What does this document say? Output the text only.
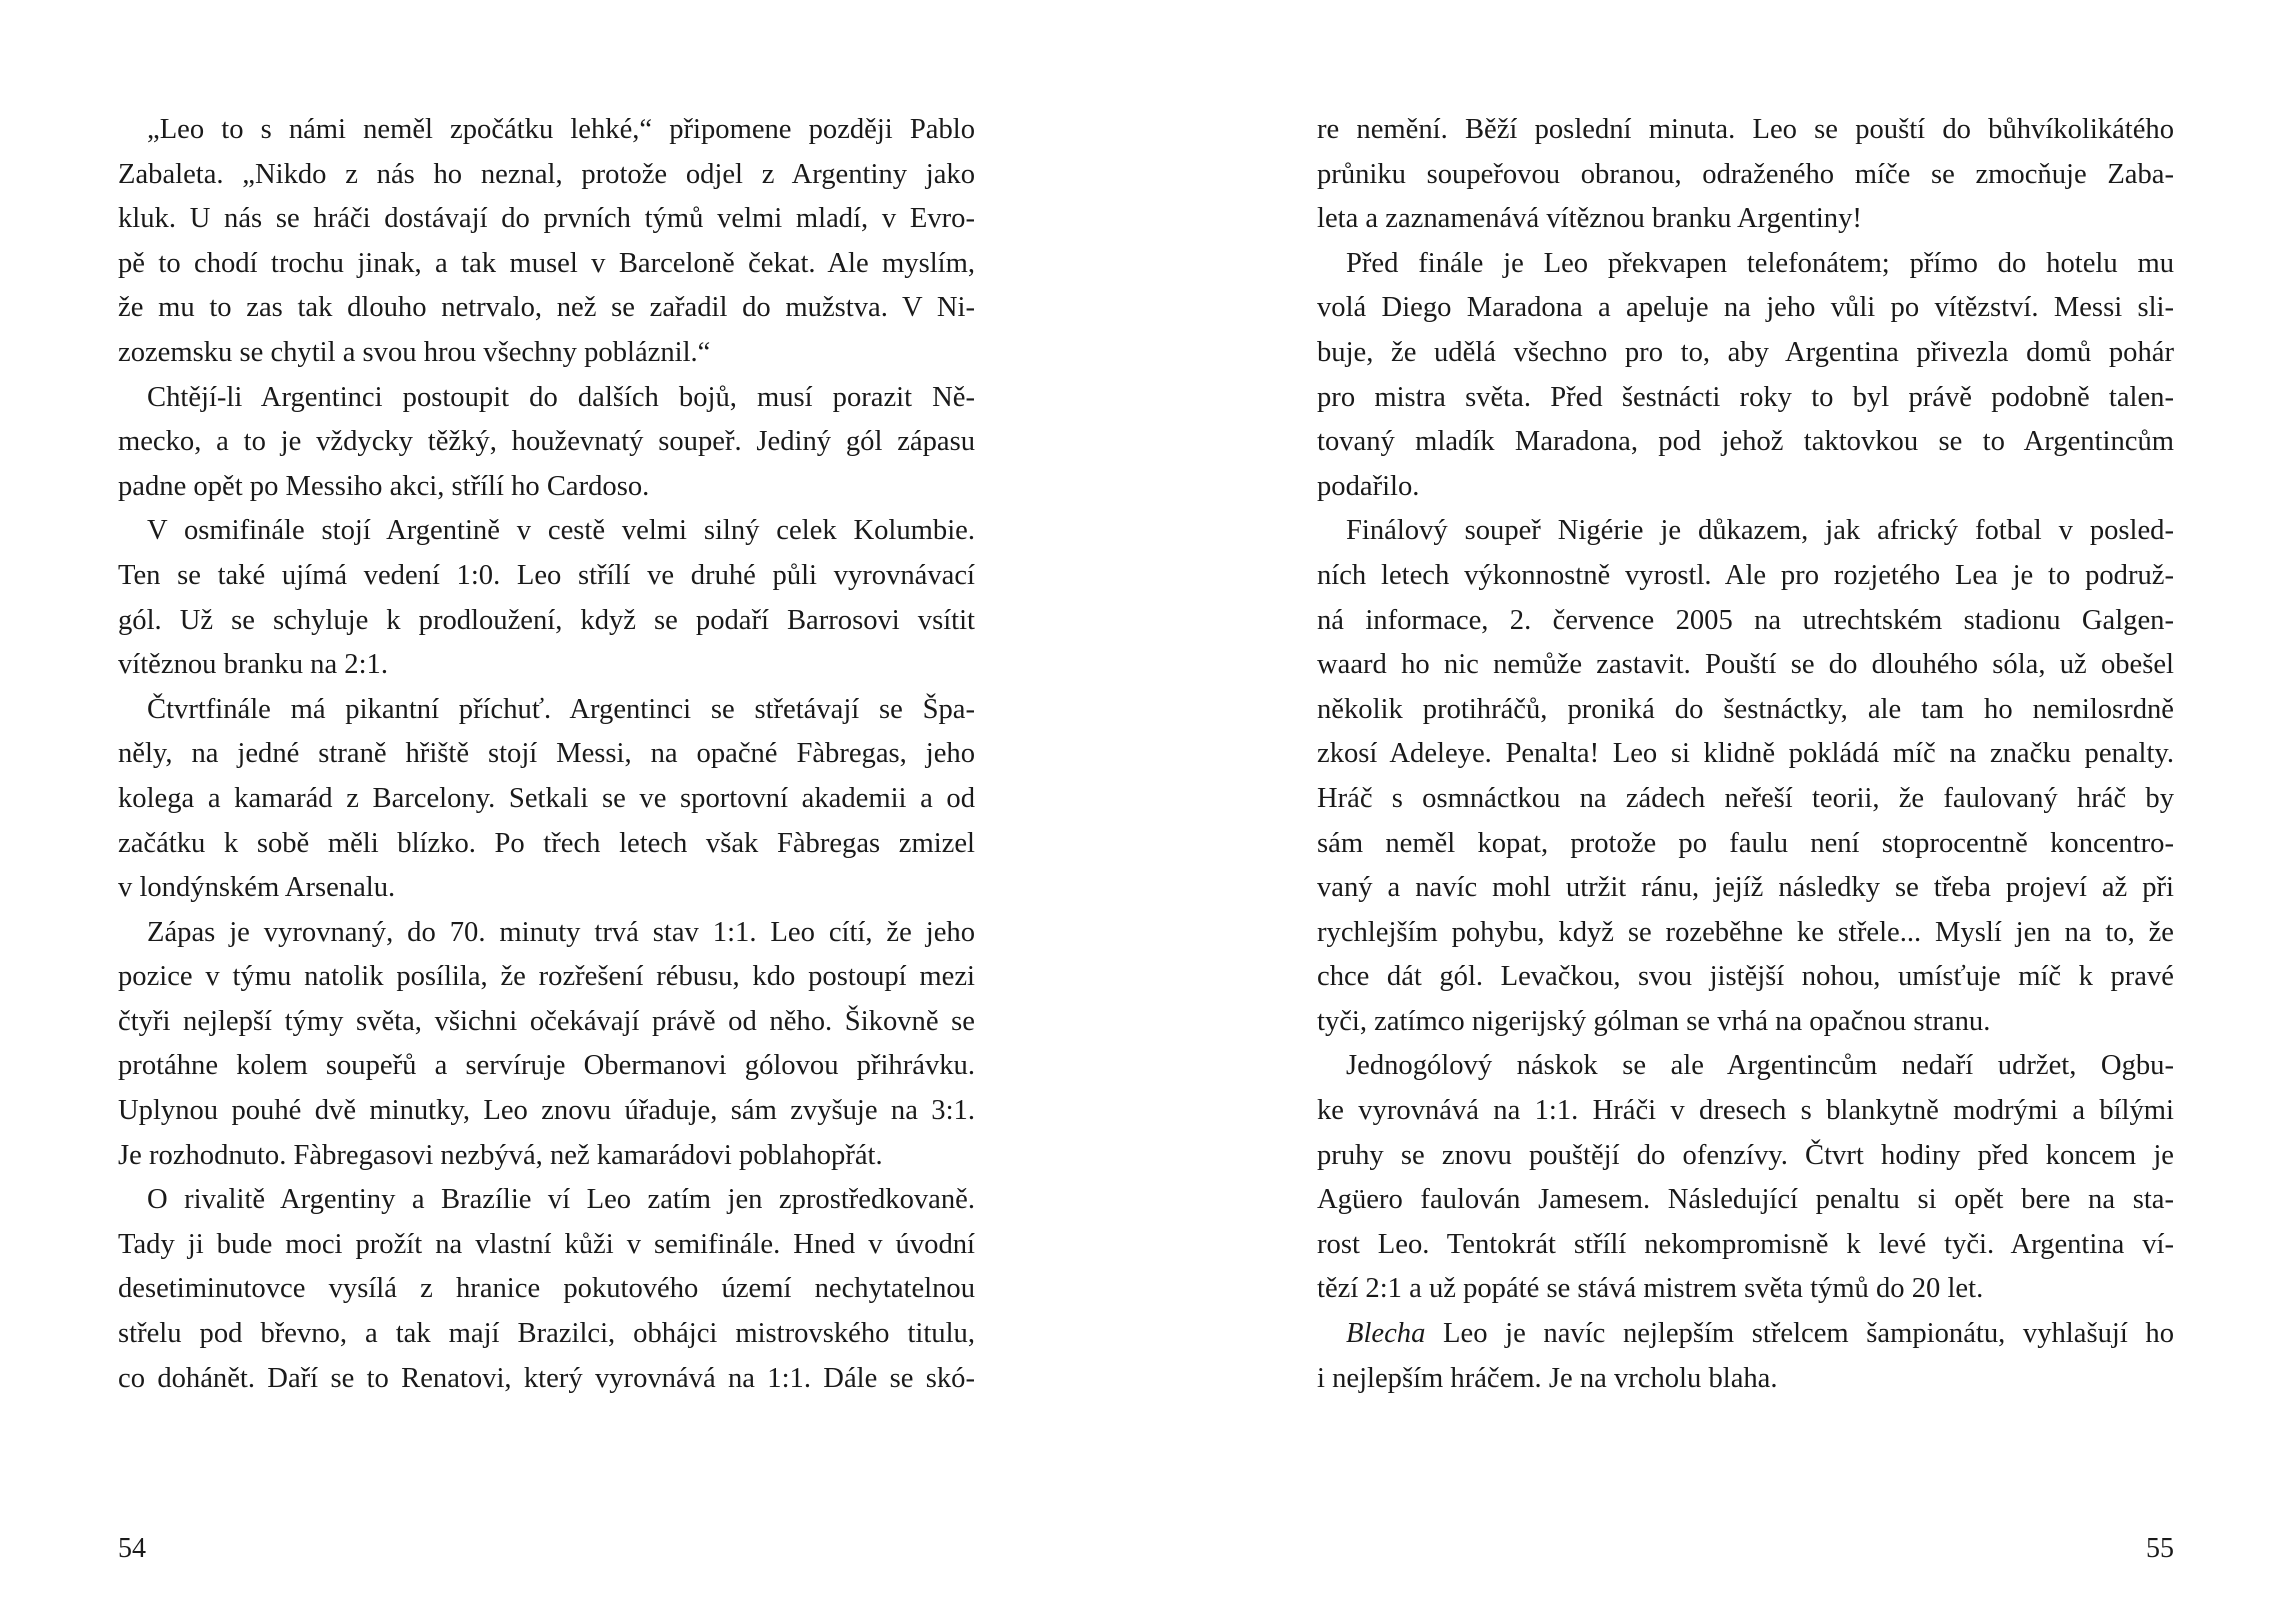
„Leo to s námi neměl zpočátku lehké,“ připomene později Pablo
Zabaleta. „Nikdo z nás ho neznal, protože odjel z Argentiny jako
kluk. U nás se hráči dostávají do prvních týmů velmi mladí, v Evro-
pě to chodí trochu jinak, a tak musel v Barceloně čekat. Ale myslím,
že mu to zas tak dlouho netrvalo, než se zařadil do mužstva. V Ni-
zozemsku se chytil a svou hrou všechny pobláznil.“
Chtějí-li Argentinci postoupit do dalších bojů, musí porazit Ně-
mecko, a to je vždycky těžký, houževnatý soupeř. Jediný gól zápasu
padne opět po Messiho akci, střílí ho Cardoso.
V osmifinále stojí Argentině v cestě velmi silný celek Kolumbie.
Ten se také ujímá vedení 1:0. Leo střílí ve druhé půli vyrovnávací
gól. Už se schyluje k prodloužení, když se podaří Barrosovi vsítit
vítěznou branku na 2:1.
Čtvrtfinále má pikantní příchuť. Argentinci se střetávají se Špa-
něly, na jedné straně hřiště stojí Messi, na opačné Fàbregas, jeho
kolega a kamarád z Barcelony. Setkali se ve sportovní akademii a od
začátku k sobě měli blízko. Po třech letech však Fàbregas zmizel
v londýnském Arsenalu.
Zápas je vyrovnaný, do 70. minuty trvá stav 1:1. Leo cítí, že jeho
pozice v týmu natolik posílila, že rozřešení rébusu, kdo postoupí mezi
čtyři nejlepší týmy světa, všichni očekávají právě od něho. Šikovně se
protáhne kolem soupeřů a servíruje Obermanovi gólovou přihrávku.
Uplynou pouhé dvě minutky, Leo znovu úřaduje, sám zvyšuje na 3:1.
Je rozhodnuto. Fàbregasovi nezbývá, než kamarádovi poblahopřát.
O rivalitě Argentiny a Brazílie ví Leo zatím jen zprostředkovaně.
Tady ji bude moci prožít na vlastní kůži v semifinále. Hned v úvodní
desetiminutovce vysílá z hranice pokutového území nechytatelnou
střelu pod břevno, a tak mají Brazilci, obhájci mistrovského titulu,
co dohánět. Daří se to Renatovi, který vyrovnává na 1:1. Dále se skó-
54
re nemění. Běží poslední minuta. Leo se pouští do bůhvíkolikátého
průniku soupeřovou obranou, odraženého míče se zmocňuje Zaba-
leta a zaznamenává vítěznou branku Argentiny!
Před finále je Leo překvapen telefonátem; přímo do hotelu mu
volá Diego Maradona a apeluje na jeho vůli po vítězství. Messi sli-
buje, že udělá všechno pro to, aby Argentina přivezla domů pohár
pro mistra světa. Před šestnácti roky to byl právě podobně talen-
tovaný mladík Maradona, pod jehož taktovkou se to Argentincům
podařilo.
Finálový soupeř Nigérie je důkazem, jak africký fotbal v posled-
ních letech výkonnostně vyrostl. Ale pro rozjetého Lea je to podruž-
ná informace, 2. července 2005 na utrechtském stadionu Galgen-
waard ho nic nemůže zastavit. Pouští se do dlouhého sóla, už obešel
několik protihráčů, proniká do šestnáctky, ale tam ho nemilosrdně
zkosí Adeleye. Penalta! Leo si klidně pokládá míč na značku penalty.
Hráč s osmnáctkou na zádech neřeší teorii, že faulovaný hráč by
sám neměl kopat, protože po faulu není stoprocentně koncentro-
vaný a navíc mohl utržit ránu, jejíž následky se třeba projeví až při
rychlejším pohybu, když se rozeběhne ke střele... Myslí jen na to, že
chce dát gól. Levačkou, svou jistější nohou, umísťuje míč k pravé
tyči, zatímco nigerijský gólman se vrhá na opačnou stranu.
Jednogólový náskok se ale Argentincům nedaří udržet, Ogbu-
ke vyrovnává na 1:1. Hráči v dresech s blankytně modrými a bílými
pruhy se znovu pouštějí do ofenzívy. Čtvrt hodiny před koncem je
Agüero faulován Jamesem. Následující penaltu si opět bere na sta-
rost Leo. Tentokrát střílí nekompromisně k levé tyči. Argentina ví-
tězí 2:1 a už popáté se stává mistrem světa týmů do 20 let.
Blecha Leo je navíc nejlepším střelcem šampionátu, vyhlašují ho
i nejlepším hráčem. Je na vrcholu blaha.
55
